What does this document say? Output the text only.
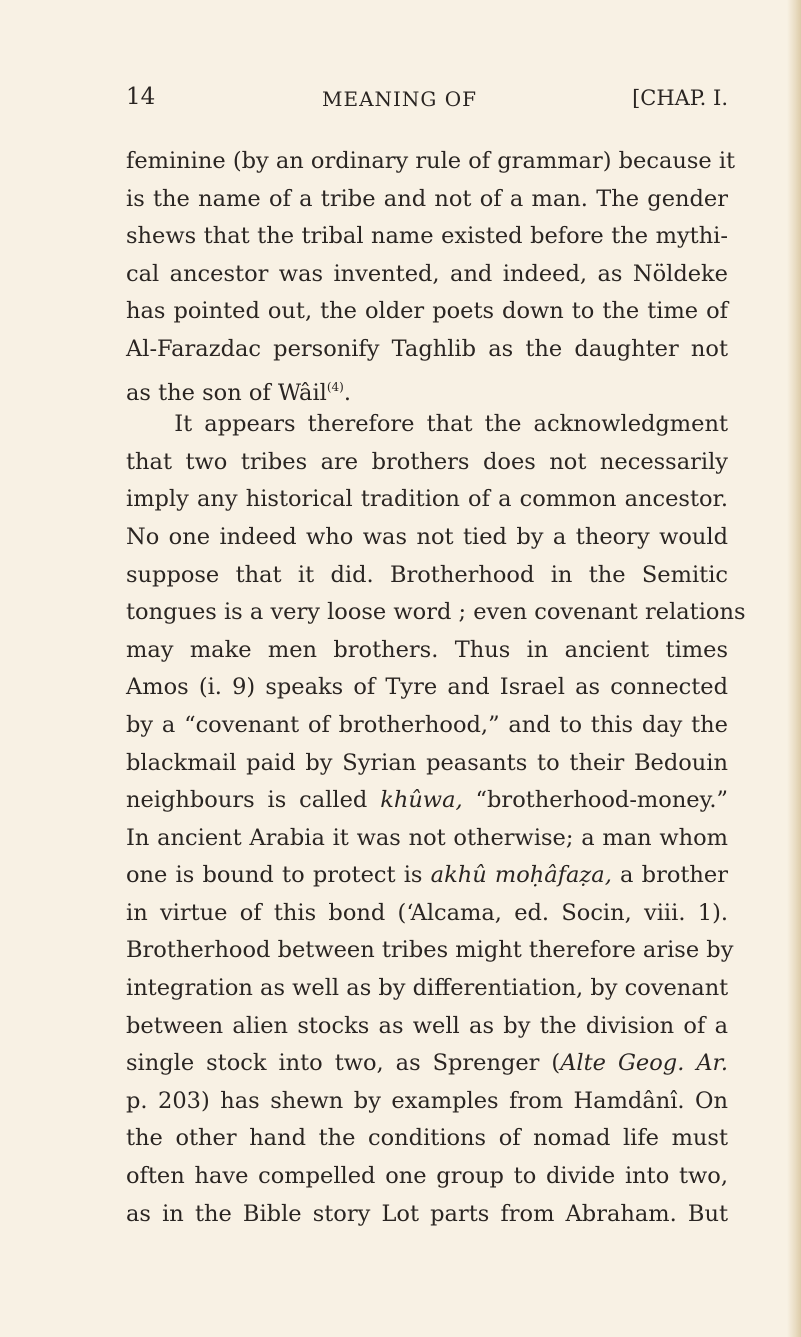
14	MEANING OF	[CHAP. I.
feminine (by an ordinary rule of grammar) because it
is the name of a tribe and not of a man. The gender
shews that the tribal name existed before the mythi-
cal ancestor was invented, and indeed, as Nöldeke
has pointed out, the older poets down to the time of
Al-Farazdac personify Taghlib as the daughter not
as the son of Wâil$^{(4)}$.
It appears therefore that the acknowledgment
that two tribes are brothers does not necessarily
imply any historical tradition of a common ancestor.
No one indeed who was not tied by a theory would
suppose that it did. Brotherhood in the Semitic
tongues is a very loose word ; even covenant relations
may make men brothers. Thus in ancient times
Amos (i. 9) speaks of Tyre and Israel as connected
by a “covenant of brotherhood,” and to this day the
blackmail paid by Syrian peasants to their Bedouin
neighbours is called khûwa, “brotherhood-money.”
In ancient Arabia it was not otherwise; a man whom
one is bound to protect is akhû moḥâfaẓa, a brother
in virtue of this bond (‘Alcama, ed. Socin, viii. 1).
Brotherhood between tribes might therefore arise by
integration as well as by differentiation, by covenant
between alien stocks as well as by the division of a
single stock into two, as Sprenger (Alte Geog. Ar.
p. 203) has shewn by examples from Hamdânî. On
the other hand the conditions of nomad life must
often have compelled one group to divide into two,
as in the Bible story Lot parts from Abraham. But
